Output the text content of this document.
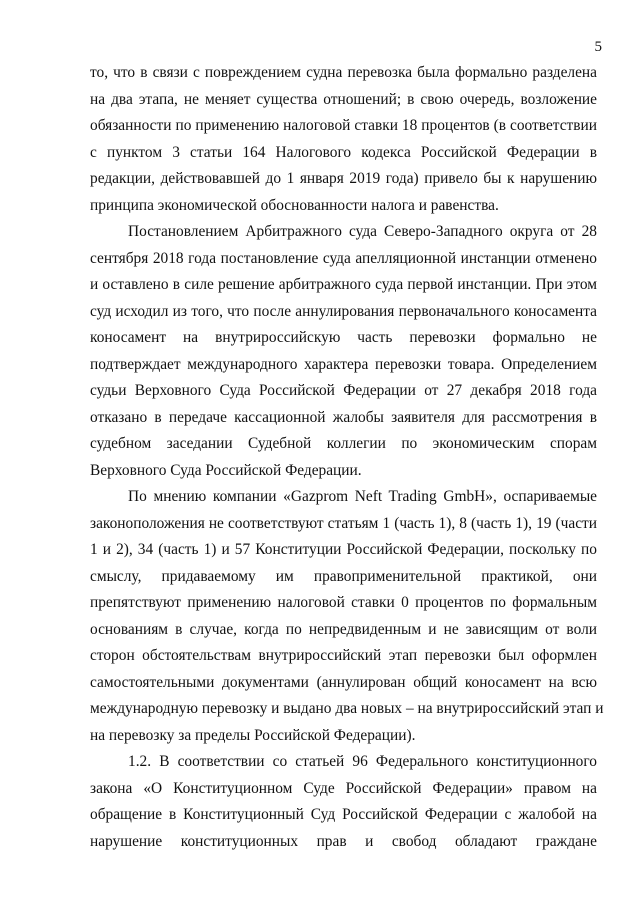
5
то, что в связи с повреждением судна перевозка была формально разделена
на два этапа, не меняет существа отношений; в свою очередь, возложение
обязанности по применению налоговой ставки 18 процентов (в соответствии
с пунктом 3 статьи 164 Налогового кодекса Российской Федерации в
редакции, действовавшей до 1 января 2019 года) привело бы к нарушению
принципа экономической обоснованности налога и равенства.
Постановлением Арбитражного суда Северо-Западного округа от 28
сентября 2018 года постановление суда апелляционной инстанции отменено
и оставлено в силе решение арбитражного суда первой инстанции. При этом
суд исходил из того, что после аннулирования первоначального коносамента
коносамент на внутрироссийскую часть перевозки формально не
подтверждает международного характера перевозки товара. Определением
судьи Верховного Суда Российской Федерации от 27 декабря 2018 года
отказано в передаче кассационной жалобы заявителя для рассмотрения в
судебном заседании Судебной коллегии по экономическим спорам
Верховного Суда Российской Федерации.
По мнению компании «Gazprom Neft Trading GmbH», оспариваемые
законоположения не соответствуют статьям 1 (часть 1), 8 (часть 1), 19 (части
1 и 2), 34 (часть 1) и 57 Конституции Российской Федерации, поскольку по
смыслу, придаваемому им правоприменительной практикой, они
препятствуют применению налоговой ставки 0 процентов по формальным
основаниям в случае, когда по непредвиденным и не зависящим от воли
сторон обстоятельствам внутрироссийский этап перевозки был оформлен
самостоятельными документами (аннулирован общий коносамент на всю
международную перевозку и выдано два новых – на внутрироссийский этап и
на перевозку за пределы Российской Федерации).
1.2. В соответствии со статьей 96 Федерального конституционного
закона «О Конституционном Суде Российской Федерации» правом на
обращение в Конституционный Суд Российской Федерации с жалобой на
нарушение конституционных прав и свобод обладают граждане
